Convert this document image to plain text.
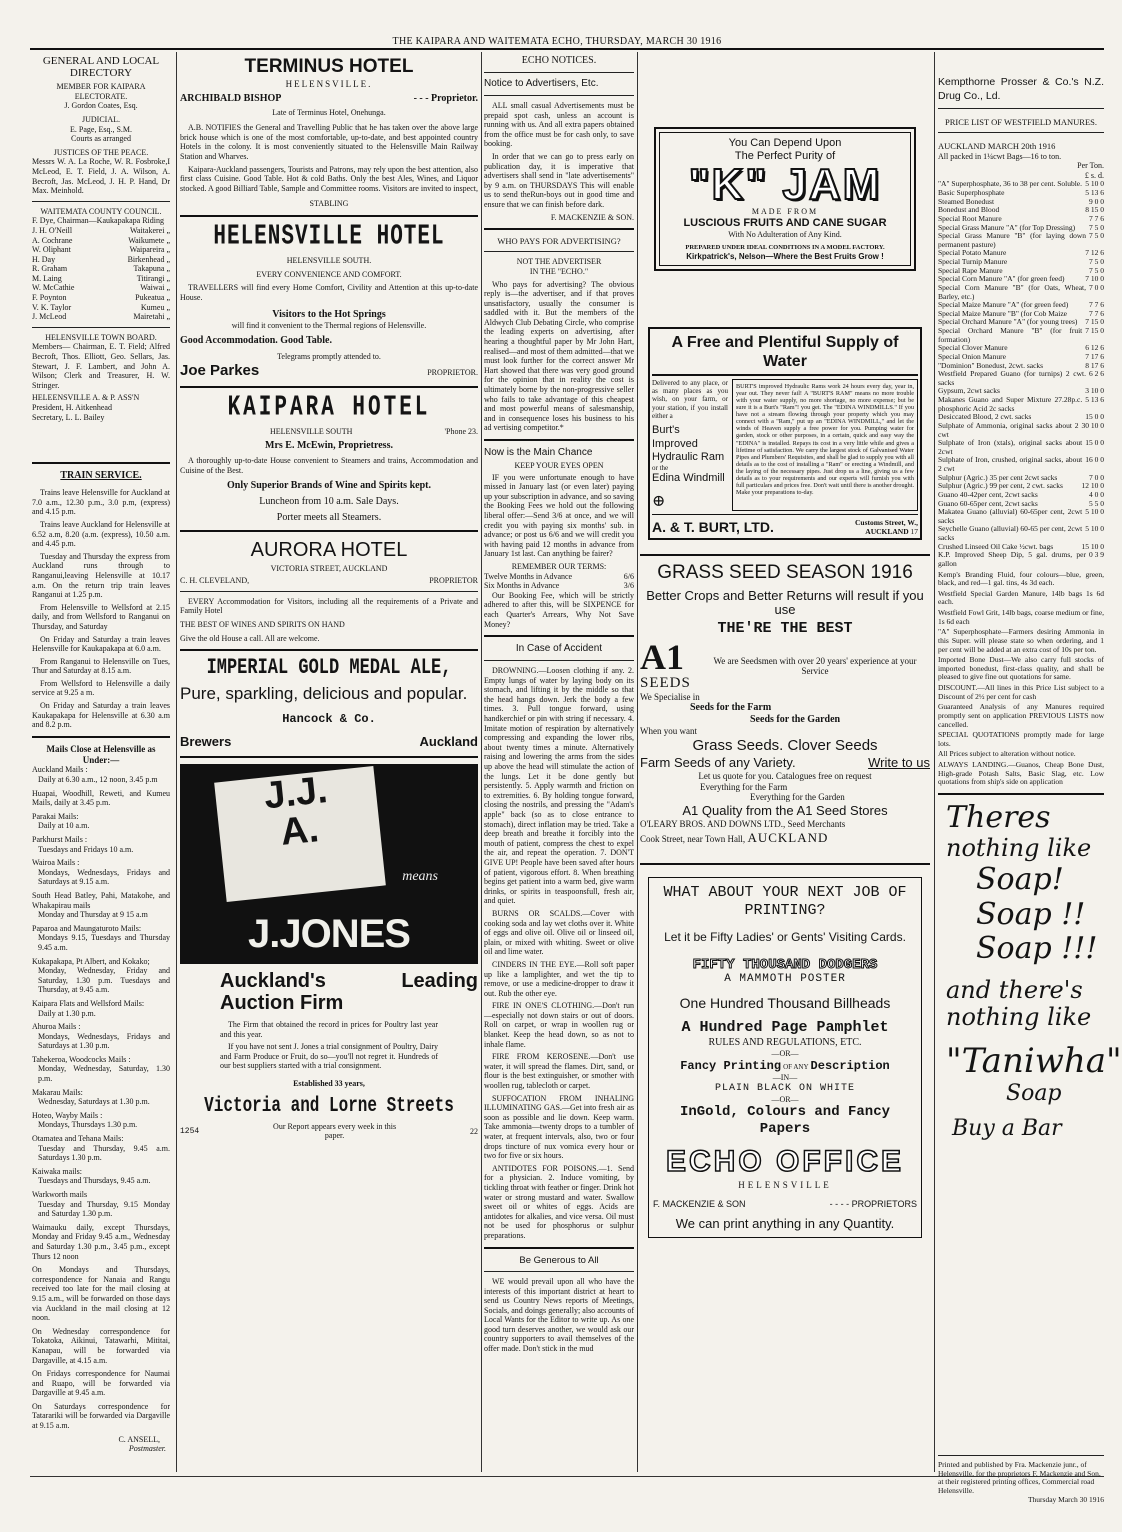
THE KAIPARA AND WAITEMATA ECHO, THURSDAY, MARCH 30 1916
GENERAL AND LOCAL DIRECTORY
MEMBER FOR KAIPARA ELECTORATE.
J. Gordon Coates, Esq.
JUDICIAL.
E. Page, Esq., S.M.
Courts as arranged
JUSTICES OF THE PEACE.
Messrs W. A. La Roche, W. R. Fosbroke,I McLeod, E. T. Field, J. A. Wilson, A. Becroft, Jas. McLeod, J. H. P. Hand, Dr Max. Meinhold.
WAITEMATA COUNTY COUNCIL.
F. Dye, Chairman—Kaukapakapa Riding
J. H. O'Neill	Waitakerei „
A. Cochrane	Waikumete „
W. Oliphant	Waipareira „
H. Day	Birkenhead „
R. Graham	Takapuna „
M. Laing	Titirangi „
W. McCathie	Waiwai „
F. Poynton	Pukeatua „
V. K. Taylor	Kumeu „
J. McLeod	Mairetahi „
HELENSVILLE TOWN BOARD.
Members— Chairman, E. T. Field; Alfred Becroft, Thos. Elliott, Geo. Sellars, Jas. Stewart, J. F. Lambert, and John A. Wilson; Clerk and Treasurer, H. W. Stringer.
HELEENSVILLE A. & P. ASS'N
President, H. Aitkenhead
Secretary, L. L. Bailey
TRAIN SERVICE.

Trains leave Helensville for Auckland at 7.0 a.m., 12.30 p.m., 3.0 p.m, (express) and 4.15 p.m.

Trains leave Auckland for Helensville at 6.52 a.m, 8.20 (a.m. (express), 10.50 a.m. and 4.45 p.m.

Tuesday and Thursday the express from Auckland runs through to Ranganui,leaving Helensville at 10.17 a.m. On the return trip train leaves Ranganui at 1.25 p.m.

From Helensville to Wellsford at 2.15 daily, and from Wellsford to Ranganui on Thursday, and Saturday

On Friday and Saturday a train leaves Helensville for Kaukapakapa at 6.0 a.m.

From Ranganui to Helensville on Tues, Thur and Saturday at 8.15 a.m.

From Wellsford to Helensville a daily service at 9.25 a m.

On Friday and Saturday a train leaves Kaukapakapa for Helensville at 6.30 a.m and 8.2 p.m.

Mails Close at Helensville as Under:—
Auckland Mails :
Daily at 6.30 a.m., 12 noon, 3.45 p.m
Huapai, Woodhill, Reweti, and Kumeu Mails, daily at 3.45 p.m.
Parakai Mails:
Daily at 10 a.m.
Parkhurst Mails :
Tuesdays and Fridays 10 a.m.
Wairoa Mails :
Mondays, Wednesdays, Fridays and Saturdays at 9.15 a.m.
South Head Batley, Pahi, Matakohe, and Whakapirau mails
Monday and Thursday at 9 15 a.m
Paparoa and Maungaturoto Mails:
Mondays 9.15, Tuesdays and Thursday 9.45 a.m.
Kukapakapa, Pt Albert, and Kokako;
Monday, Wednesday, Friday and Saturday, 1.30 p.m. Tuesdays and Thursday, at 9.45 a.m.
Kaipara Flats and Wellsford Mails:
Daily at 1.30 p.m.
Ahuroa Mails :
Mondays, Wednesdays, Fridays and Saturdays at 1.30 p.m.
Tahekeroa, Woodcocks Mails :
Monday, Wednesday, Saturday, 1.30 p.m.
Makarau Mails:
Wednesday, Saturdays at 1.30 p.m.
Hoteo, Wayby Mails :
Mondays, Thursdays 1.30 p.m.
Otamatea and Tehana Mails:
Tuesday and Thursday, 9.45 a.m. Saturdays 1.30 p.m.
Kaiwaka mails:
Tuesdays and Thursdays, 9.45 a.m.
Warkworth mails
Tuesday and Thursday, 9.15 Monday and Saturday 1.30 p.m.
Waimauku daily, except Thursdays, Monday and Friday 9.45 a.m., Wednesday and Saturday 1.30 p.m., 3.45 p.m., except Thurs 12 noon
On Mondays and Thursdays, correspondence for Nanaia and Rangu received too late for the mail closing at 9.15 a.m., will be forwarded on those days via Auckland in the mail closing at 12 noon.
On Wednesday correspondence for Tokatoka, Aikinui, Tatawarhi, Mititai, Kanapau, will be forwarded via Dargaville, at 4.15 a.m.
On Fridays correspondence for Naumai and Ruapo, will be forwarded via Dargaville at 9.45 a.m.
On Saturdays correspondence for Tatarariki will be forwarded via Dargaville at 9.15 a.m.
C. ANSELL,
Postmaster.
TERMINUS HOTEL
HELENSVILLE.
ARCHIBALD BISHOP	- - - Proprietor.
Late of Terminus Hotel, Onehunga.

A.B. NOTIFIES the General and Travelling Public that he has taken over the above large brick house which is one of the most comfortable, up-to-date, and best appointed country Hotels in the colony. It is most conveniently situated to the Helensville Main Railway Station and Wharves.

Kaipara-Auckland passengers, Tourists and Patrons, may rely upon the best attention, also first class Cuisine. Good Table. Hot & cold Baths. Only the best Ales, Wines, and Liquor stocked. A good Billiard Table, Sample and Committee rooms. Visitors are invited to inspect,

STABLING
HELENSVILLE HOTEL
HELENSVILLE SOUTH.
EVERY CONVENIENCE AND COMFORT.

TRAVELLERS will find every Home Comfort, Civility and Attention at this up-to-date House.

Visitors to the Hot Springs
will find it convenient to the Thermal regions of Helensville.
Good Accommodation. Good Table.
Telegrams promptly attended to.
Joe Parkes	PROPRIETOR.
KAIPARA HOTEL
HELENSVILLE SOUTH	'Phone 23.
Mrs E. McEwin, Proprietress.

A thoroughly up-to-date House convenient to Steamers and trains, Accommodation and Cuisine of the Best.

Only Superior Brands of Wine and Spirits kept.
Luncheon from 10 a.m. Sale Days.
Porter meets all Steamers.
AURORA HOTEL
VICTORIA STREET, AUCKLAND
C. H. CLEVELAND,	PROPRIETOR

EVERY Accommodation for Visitors, including all the requirements of a Private and Family Hotel

THE BEST OF WINES AND SPIRITS ON HAND
Give the old House a call. All are welcome.
IMPERIAL GOLD MEDAL ALE,
Pure, sparkling, delicious and popular.
Hancock & Co.
Brewers	Auckland
J.J.
A.
means
J.JONES
Auckland's Leading Auction Firm

The Firm that obtained the record in prices for Poultry last year and this year.

If you have not sent J. Jones a trial consignment of Poultry, Dairy and Farm Produce or Fruit, do so—you'll not regret it. Hundreds of our best suppliers started with a trial consignment.

Established 33 years,
Victoria and Lorne Streets
1254
Our Report appears every week in this paper.
22
ECHO NOTICES.
Notice to Advertisers, Etc.

ALL small casual Advertisements must be prepaid spot cash, unless an account is running with us. And all extra papers obtained from the office must be for cash only, to save booking.

In order that we can go to press early on publication day, it is imperative that advertisers shall send in "late advertisements" by 9 a.m. on THURSDAYS This will enable us to send theRun-boys out in good time and ensure that we can finish before dark.

F. MACKENZIE & SON.
WHO PAYS FOR ADVERTISING?
NOT THE ADVERTISER
IN THE "ECHO."

Who pays for advertising? The obvious reply is—the advertiser, and if that proves unsatisfactory, usually the consumer is saddled with it. But the members of the Aldwych Club Debating Circle, who comprise the leading experts on advertising, after hearing a thoughtful paper by Mr John Hart, realised—and most of them admitted—that we must look further for the correct answer Mr Hart showed that there was very good ground for the opinion that in reality the cost is ultimately borne by the non-progressive seller who fails to take advantage of this cheapest and most powerful means of salesmanship, and in consequence loses his business to his ad vertising competitor.*

Now is the Main Chance
KEEP YOUR EYES OPEN

IF you were unfortunate enough to have missed in January last (or even later) paying up your subscription in advance, and so saving the Booking Fees we hold out the following liberal offer:—Send 3/6 at once, and we will credit you with paying six months' sub. in advance; or post us 6/6 and we will credit you with having paid 12 months in advance from January 1st last. Can anything be fairer?

REMEMBER OUR TERMS:
Twelve Months in Advance	6/6
Six Months in Advance	3/6

Our Booking Fee, which will be strictly adhered to after this, will be SIXPENCE for each Quarter's Arrears, Why Not Save Money?

In Case of Accident

DROWNING.—Loosen clothing if any. 2. Empty lungs of water by laying body on its stomach, and lifting it by the middle so that the head hangs down. Jerk the body a few times. 3. Pull tongue forward, using handkerchief or pin with string if necessary. 4. Imitate motion of respiration by alternatively compressing and expanding the lower ribs, about twenty times a minute. Alternatively raising and lowering the arms from the sides up above the head will stimulate the action of the lungs. Let it be done gently but persistently. 5. Apply warmth and friction on to extremities. 6. By holding tongue forward, closing the nostrils, and pressing the "Adam's apple" back (so as to close entrance to stomach), direct inflation may be tried. Take a deep breath and breathe it forcibly into the mouth of patient, compress the chest to expel the air, and repeat the operation. 7. DON'T GIVE UP! People have been saved after hours of patient, vigorous effort. 8. When breathing begins get patient into a warm bed, give warm drinks, or spirits in teaspoonsfull, fresh air, and quiet.

BURNS OR SCALDS.—Cover with cooking soda and lay wet cloths over it. White of eggs and olive oil. Olive oil or linseed oil, plain, or mixed with whiting. Sweet or olive oil and lime water.

CINDERS IN THE EYE.—Roll soft paper up like a lamplighter, and wet the tip to remove, or use a medicine-dropper to draw it out. Rub the other eye.

FIRE IN ONE'S CLOTHING.—Don't run—especially not down stairs or out of doors. Roll on carpet, or wrap in woollen rug or blanket. Keep the head down, so as not to inhale flame.

FIRE FROM KEROSENE.—Don't use water, it will spread the flames. Dirt, sand, or flour is the best extinguisher, or smother with woollen rug, tablecloth or carpet.

SUFFOCATION FROM INHALING ILLUMINATING GAS.—Get into fresh air as soon as possible and lie down. Keep warm. Take ammonia—twenty drops to a tumbler of water, at frequent intervals, also, two or four drops tincture of nux vomica every hour or two for five or six hours.

ANTIDOTES FOR POISONS.—1. Send for a physician. 2. Induce vomiting, by tickling throat with feather or finger. Drink hot water or strong mustard and water. Swallow sweet oil or whites of eggs. Acids are antidotes for alkalies, and vice versa. Oil must not be used for phosphorus or sulphur preparations.

Be Generous to All

WE would prevail upon all who have the interests of this important district at heart to send us Country News reports of Meetings, Socials, and doings generally; also accounts of Local Wants for the Editor to write up. As one good turn deserves another, we would ask our country supporters to avail themselves of the offer made. Don't stick in the mud

You Can Depend Upon
The Perfect Purity of
"K" JAM
MADE FROM
LUSCIOUS FRUITS AND CANE SUGAR
With No Adulteration of Any Kind.
PREPARED UNDER IDEAL CONDITIONS IN A MODEL FACTORY.
Kirkpatrick's, Nelson—Where the Best Fruits Grow !
A Free and Plentiful Supply of Water
Delivered to any place, or as many places as you wish, on your farm, or your station, if you install either a
Burt's Improved Hydraulic Ram
or the
Edina Windmill
⊕
BURT'S improved Hydraulic Rams work 24 hours every day, year in, year out. They never fail! A "BURT'S RAM" means no more trouble with your water supply, no more shortage, no more expense; but be sure it is a Burt's "Ram"! you get. The "EDINA WINDMILLS." If you have not a stream flowing through your property which you may connect with a "Ram," put up an "EDINA WINDMILL," and let the winds of Heaven supply a free power for you. Pumping water for garden, stock or other purposes, in a certain, quick and easy way the "EDINA" is installed. Repays its cost in a very little while and gives a lifetime of satisfaction. We carry the largest stock of Galvanised Water Pipes and Plumbers' Requisites, and shall be glad to supply you with all details as to the cost of installing a "Ram" or erecting a Windmill, and the laying of the necessary pipes. Just drop us a line, giving us a few details as to your requirements and our experts will furnish you with full particulars and prices free. Don't wait until there is another drought. Make your preparations to-day.
A. & T. BURT, LTD.	Customs Street, W.,
AUCKLAND 17
GRASS SEED SEASON 1916
Better Crops and Better Returns will result if you use
THE'RE THE BEST
A1
SEEDS
We are Seedsmen with over 20 years' experience at your Service
We Specialise in
Seeds for the Farm
Seeds for the Garden
When you want
Grass Seeds. Clover Seeds
Farm Seeds of any Variety.	Write to us
Let us quote for you. Catalogues free on request
Everything for the Farm
Everything for the Garden
A1 Quality from the A1 Seed Stores
O'LEARY BROS. AND DOWNS LTD., Seed Merchants
Cook Street, near Town Hall, AUCKLAND
WHAT ABOUT YOUR NEXT JOB OF PRINTING?
Let it be Fifty Ladies' or Gents' Visiting Cards.
FIFTY THOUSAND DODGERS
A MAMMOTH POSTER
One Hundred Thousand Billheads
A Hundred Page Pamphlet
RULES AND REGULATIONS, ETC.
—OR—
Fancy Printing OF ANY Description
—IN—
PLAIN BLACK ON WHITE
—OR—
InGold, Colours and Fancy Papers
ECHO OFFICE
HELENSVILLE
F. MACKENZIE & SON	- - - - PROPRIETORS
We can print anything in any Quantity.
Kempthorne Prosser & Co.'s N.Z. Drug Co., Ld.
PRICE LIST OF WESTFIELD MANURES.
AUCKLAND MARCH 20th 1916
All packed in 1¼cwt Bags—16 to ton.
Per Ton.
£ s. d.
"A" Superphosphate, 36 to 38 per cent. Soluble. 5 10 0
Basic Superphosphate	5 13 6
Steamed Bonedust	9 0 0
Bonedust and Blood	8 15 0
Special Root Manure	7 7 6
Special Grass Manure "A" (for Top Dressing)	7 5 0
Special Grass Manure "B" (for laying down permanent pasture)
7 5 0
Special Potato Manure	7 12 6
Special Turnip Manure	7 5 0
Special Rape Manure	7 5 0
Special Corn Manure "A" (for green feed)	7 10 0
Special Corn Manure "B" (for Oats, Wheat, Barley, etc.)
7 0 0
Special Maize Manure "A" (for green feed)	7 7 6
Special Maize Manure "B" (for Cob Maize	7 7 6
Special Orchard Manure "A" (for young trees)	7 15 0
Special Orchard Manure "B" (for fruit formation)
7 15 0
Special Clover Manure	6 12 6
Special Onion Manure	7 17 6
"Dominion" Bonedust, 2cwt. sacks	8 17 6
Westfield Prepared Guano (for turnips) 2 cwt. sacks
6 2 6
Gypsum, 2cwt sacks	3 10 0
Makanes Guano and Super Mixture 27.28p.c. phosphoric Acid 2c sacks
5 13 6
Desiccated Blood, 2 cwt. sacks	15 0 0
Sulphate of Ammonia, original sacks about 2 cwt
30 10 0
Sulphate of Iron (xtals), original sacks about 2cwt
15 0 0
Sulphate of Iron, crushed, original sacks, about 2 cwt
16 0 0
Sulphur (Agric.) 35 per cent 2cwt sacks	7 0 0
Sulphur (Agric.) 99 per cent, 2 cwt. sacks	12 10 0
Guano 40-42per cent, 2cwt sacks	4 0 0
Guano 60-65per cent, 2cwt sacks	5 5 0
Makatea Guano (alluvial) 60-65per cent, 2cwt sacks
5 10 0
Seychelle Guano (alluvial) 60-65 per cent, 2cwt sacks
5 10 0
Crushed Linseed Oil Cake ½cwt. bags	15 10 0
K.P. Improved Sheep Dip, 5 gal. drums, per gallon
0 3 9
Kemp's Branding Fluid, four colours—blue, green, black, and red—1 gal. tins, 4s 3d each.
Westfield Special Garden Manure, 14lb bags 1s 6d each.
Westfield Fowl Grit, 14lb bags, coarse medium or fine, 1s 6d each
"A" Superphosphate—Farmers desiring Ammonia in this Super. will please state so when ordering, and 1 per cent will be added at an extra cost of 10s per ton.
Imported Bone Dust—We also carry full stocks of imported bonedust, first-class quality, and shall be pleased to give fine out quotations for same.
DISCOUNT.—All lines in this Price List subject to a Discount of 2½ per cent for cash
Guaranteed Analysis of any Manures required promptly sent on application PREVIOUS LISTS now cancelled.
SPECIAL QUOTATIONS promptly made for large lots.
All Prices subject to alteration without notice.
ALWAYS LANDING.—Guanos, Cheap Bone Dust, High-grade Potash Salts, Basic Slag, etc. Low quotations from ship's side on application
Theres
nothing like
Soap!
Soap !!
Soap !!!
and there's
nothing like
"Taniwha"
Soap
Buy a Bar
Printed and published by Fra. Mackenzie junr., of Helensville, for the proprietors F. Mackenzie and Son, at their registered printing offices, Commercial road Helensville.
Thursday March 30 1916
